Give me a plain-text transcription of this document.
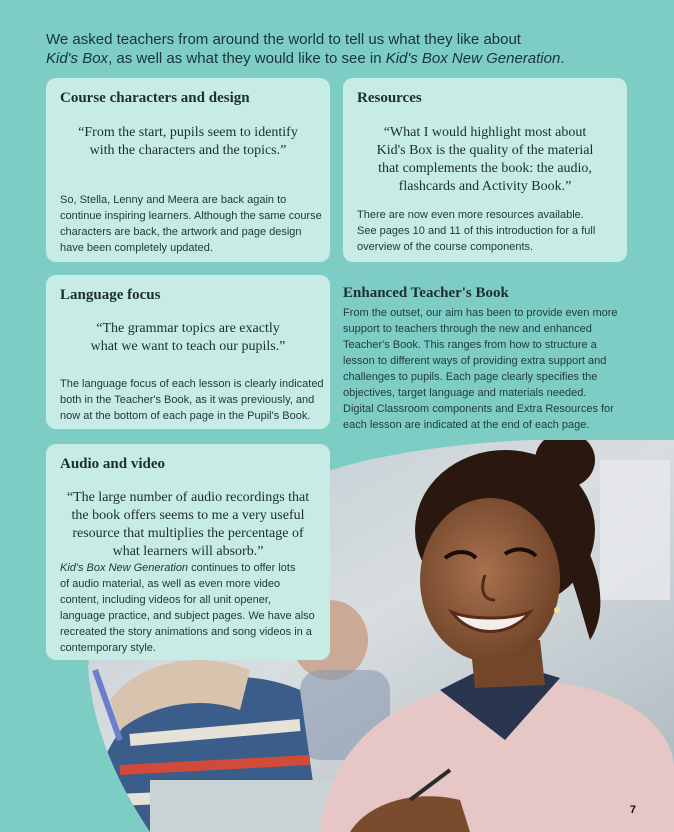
We asked teachers from around the world to tell us what they like about
Kid's Box, as well as what they would like to see in Kid's Box New Generation.
Course characters and design
“From the start, pupils seem to identify
with the characters and the topics.”
So, Stella, Lenny and Meera are back again to
continue inspiring learners. Although the same course
characters are back, the artwork and page design
have been completely updated.
Resources
“What I would highlight most about
Kid's Box is the quality of the material
that complements the book: the audio,
flashcards and Activity Book.”
There are now even more resources available.
See pages 10 and 11 of this introduction for a full
overview of the course components.
Language focus
“The grammar topics are exactly
what we want to teach our pupils.”
The language focus of each lesson is clearly indicated
both in the Teacher's Book, as it was previously, and
now at the bottom of each page in the Pupil's Book.
Enhanced Teacher's Book
From the outset, our aim has been to provide even more
support to teachers through the new and enhanced
Teacher's Book. This ranges from how to structure a
lesson to different ways of providing extra support and
challenges to pupils. Each page clearly specifies the
objectives, target language and materials needed.
Digital Classroom components and Extra Resources for
each lesson are indicated at the end of each page.
Audio and video
“The large number of audio recordings that
the book offers seems to me a very useful
resource that multiplies the percentage of
what learners will absorb.”
Kid's Box New Generation continues to offer lots
of audio material, as well as even more video
content, including videos for all unit opener,
language practice, and subject pages. We have also
recreated the story animations and song videos in a
contemporary style.
7
